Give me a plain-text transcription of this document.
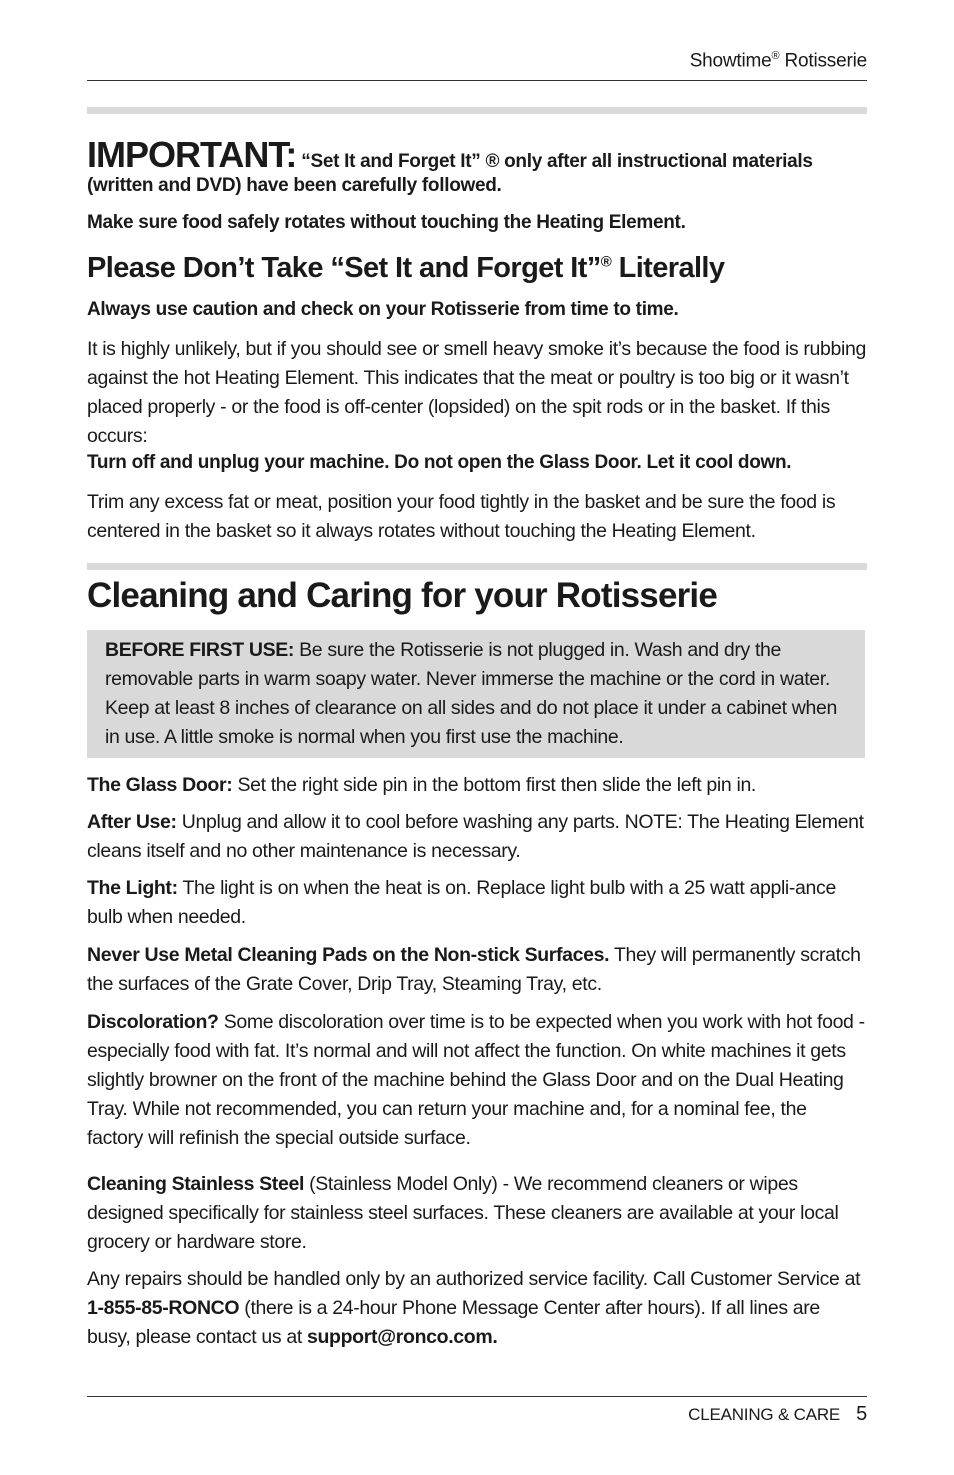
Showtime® Rotisserie
IMPORTANT: “Set It and Forget It” ® only after all instructional materials
(written and DVD) have been carefully followed.
Make sure food safely rotates without touching the Heating Element.
Please Don’t Take “Set It and Forget It”® Literally
Always use caution and check on your Rotisserie from time to time.
It is highly unlikely, but if you should see or smell heavy smoke it’s because the food is rubbing against the hot Heating Element. This indicates that the meat or poultry is too big or it wasn’t placed properly - or the food is off-center (lopsided) on the spit rods or in the basket. If this occurs:
Turn off and unplug your machine. Do not open the Glass Door. Let it cool down.
Trim any excess fat or meat, position your food tightly in the basket and be sure the food is centered in the basket so it always rotates without touching the Heating Element.
Cleaning and Caring for your Rotisserie
BEFORE FIRST USE: Be sure the Rotisserie is not plugged in. Wash and dry the removable parts in warm soapy water. Never immerse the machine or the cord in water. Keep at least 8 inches of clearance on all sides and do not place it under a cabinet when in use. A little smoke is normal when you first use the machine.
The Glass Door: Set the right side pin in the bottom first then slide the left pin in.
After Use: Unplug and allow it to cool before washing any parts. NOTE: The Heating Element cleans itself and no other maintenance is necessary.
The Light: The light is on when the heat is on. Replace light bulb with a 25 watt appli-ance bulb when needed.
Never Use Metal Cleaning Pads on the Non-stick Surfaces. They will permanently scratch the surfaces of the Grate Cover, Drip Tray, Steaming Tray, etc.
Discoloration? Some discoloration over time is to be expected when you work with hot food - especially food with fat. It’s normal and will not affect the function. On white machines it gets slightly browner on the front of the machine behind the Glass Door and on the Dual Heating Tray. While not recommended, you can return your machine and, for a nominal fee, the factory will refinish the special outside surface.
Cleaning Stainless Steel (Stainless Model Only) - We recommend cleaners or wipes designed specifically for stainless steel surfaces. These cleaners are available at your local grocery or hardware store.
Any repairs should be handled only by an authorized service facility. Call Customer Service at 1-855-85-RONCO (there is a 24-hour Phone Message Center after hours). If all lines are busy, please contact us at support@ronco.com.
CLEANING & CARE 5
